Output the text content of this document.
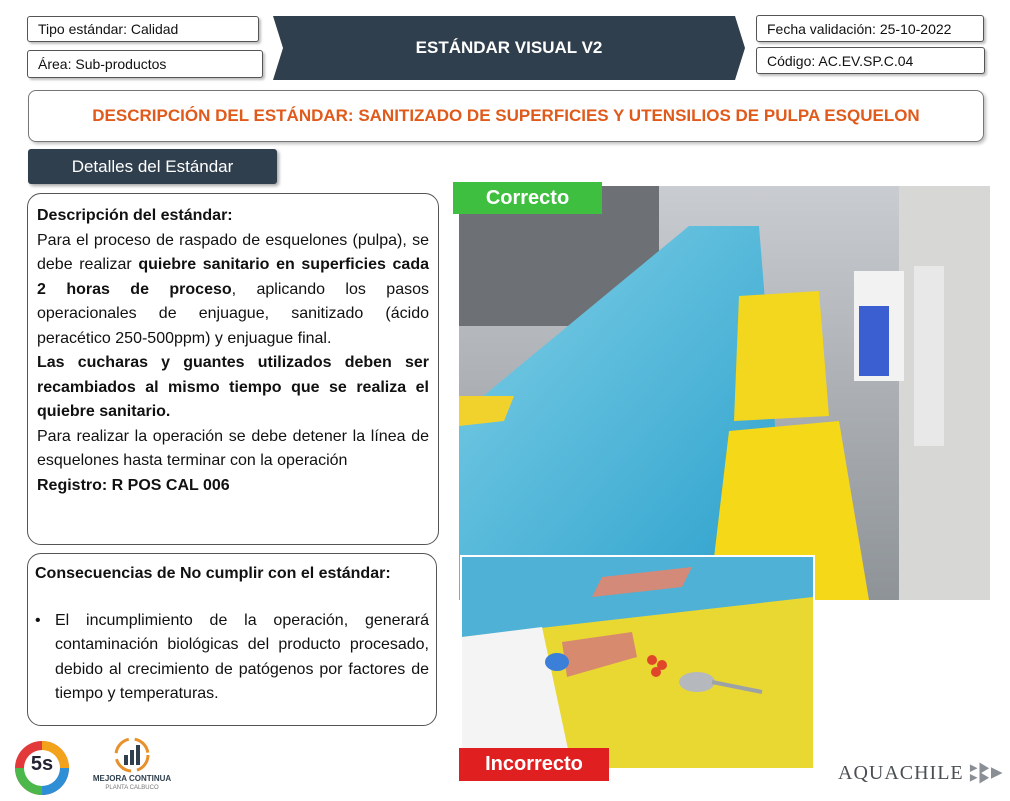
Tipo estándar: Calidad
Área: Sub-productos
ESTÁNDAR VISUAL V2
Fecha validación: 25-10-2022
Código: AC.EV.SP.C.04
DESCRIPCIÓN DEL ESTÁNDAR: SANITIZADO DE SUPERFICIES Y UTENSILIOS DE PULPA ESQUELON
Detalles del Estándar

Descripción del estándar:

Para el proceso de raspado de esquelones (pulpa), se debe realizar quiebre sanitario en superficies cada 2 horas de proceso, aplicando los pasos operacionales de enjuague, sanitizado (ácido peracético 250-500ppm) y enjuague final.

Las cucharas y guantes utilizados deben ser recambiados al mismo tiempo que se realiza el quiebre sanitario.

Para realizar la operación se debe detener la línea de esquelones hasta terminar con la operación

Registro: R POS CAL 006

Consecuencias de No cumplir con el estándar:
• El incumplimiento de la operación, generará contaminación biológicas del producto procesado, debido al crecimiento de patógenos por factores de tiempo y temperaturas.
Correcto
Incorrecto
5s
MEJORA CONTINUA
PLANTA CALBUCO
AQUACHILE
